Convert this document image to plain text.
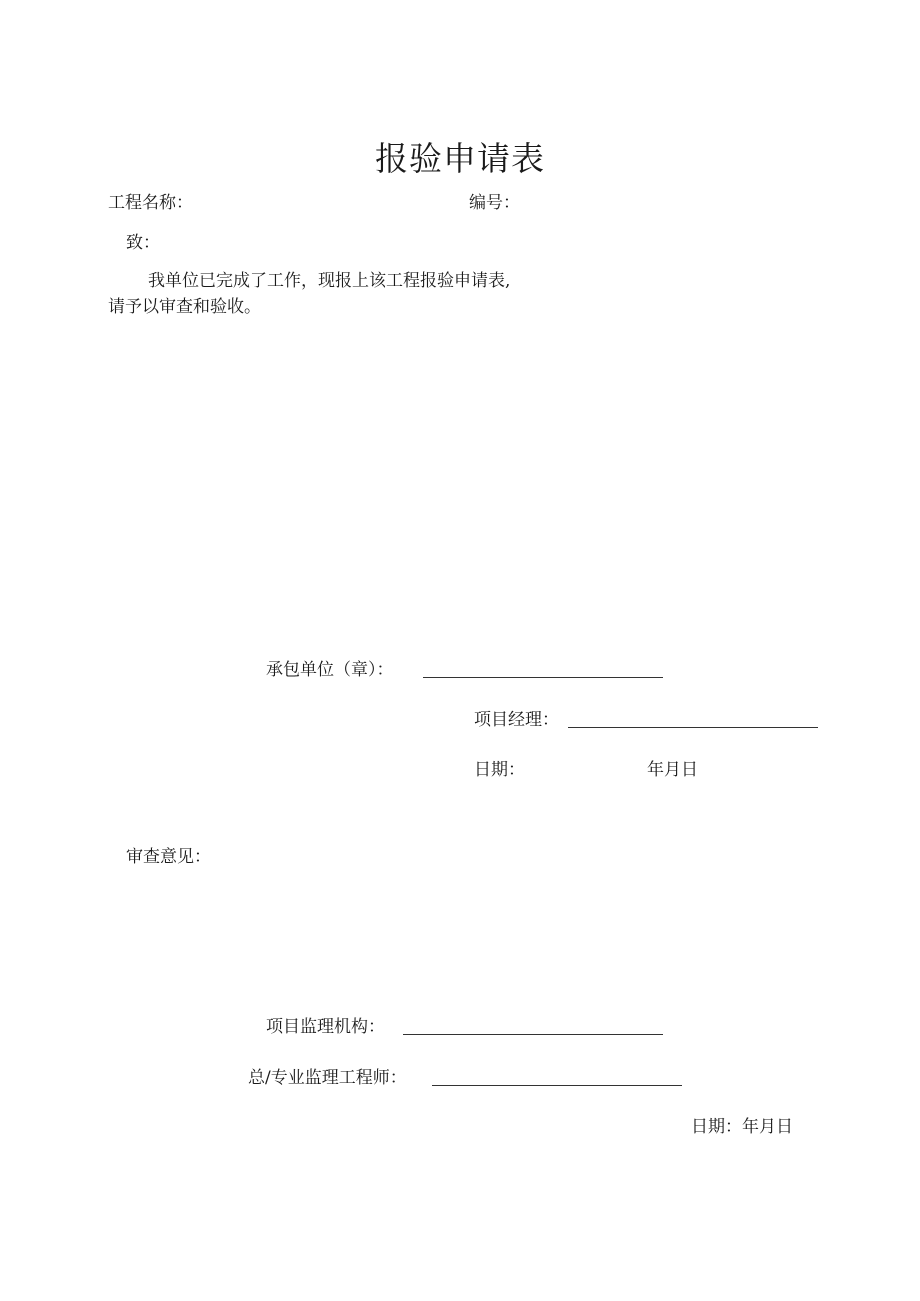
报验申请表
工程名称：	编号：
致：
我单位已完成了工作，现报上该工程报验申请表,
请予以审查和验收。
承包单位（章）：
项目经理：
日期：	年月日
审查意见：
项目监理机构：
总/专业监理工程师：
日期：年月日
